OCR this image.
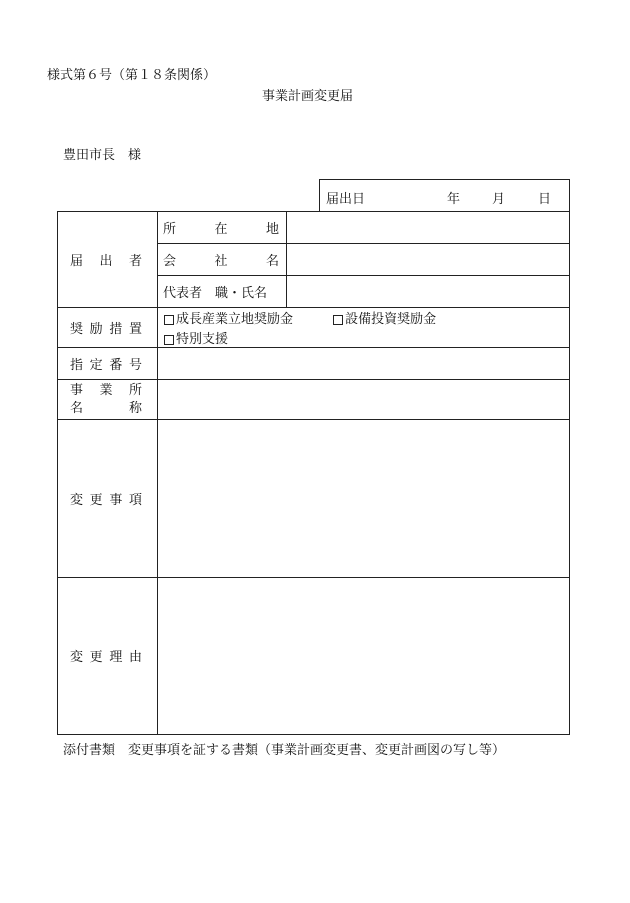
様式第６号（第１８条関係）
事業計画変更届
豊田市長　様
届出日	年 月	日
届 出 者
所	在	地
会	社	名
代表者　職・氏名
奨 励 措 置
成長産業立地奨励金
	設備投資奨励金
特別支援
指 定 番 号
事 業 所
名	称
変 更 事 項
変 更 理 由
添付書類　変更事項を証する書類（事業計画変更書、変更計画図の写し等）
